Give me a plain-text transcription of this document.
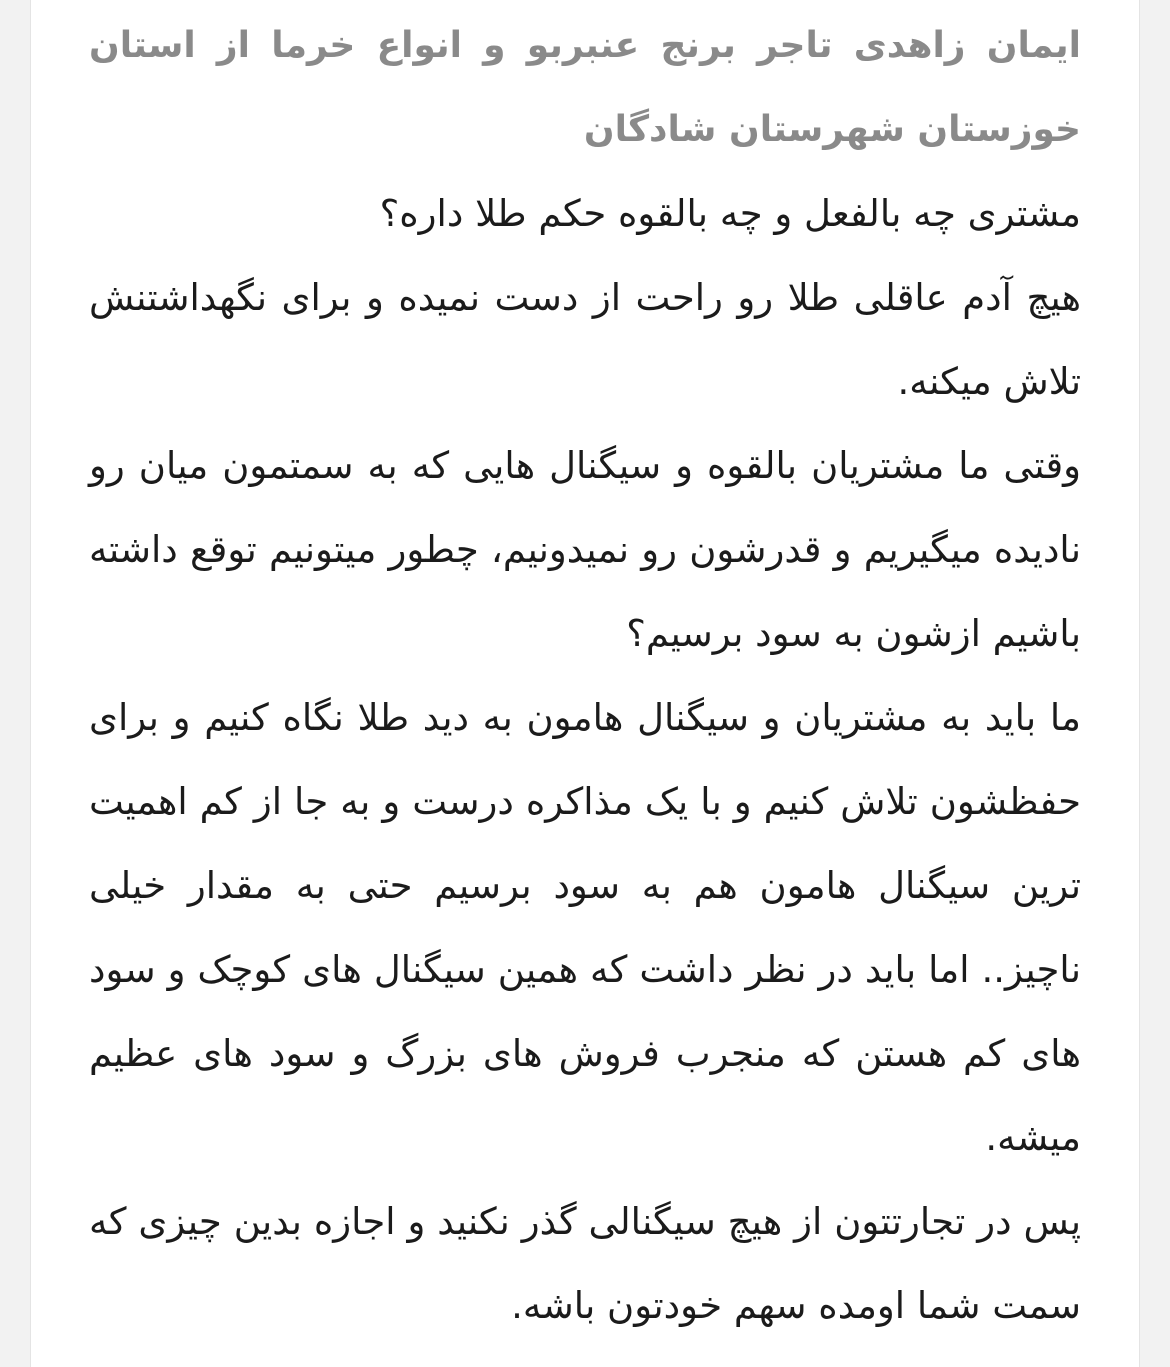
ایمان زاهدی تاجر برنج عنبربو و انواع خرما از استان خوزستان شهرستان شادگان

مشتری چه بالفعل و چه بالقوه حکم طلا داره؟

هیچ آدم عاقلی طلا رو راحت از دست نمیده و برای نگهداشتنش تلاش میکنه.

وقتی ما مشتریان بالقوه و سیگنال هایی که به سمتمون میان رو نادیده میگیریم و قدرشون رو نمیدونیم، چطور میتونیم توقع داشته باشیم ازشون به سود برسیم؟

ما باید به مشتریان و سیگنال هامون به دید طلا نگاه کنیم و برای حفظشون تلاش کنیم و با یک مذاکره درست و به جا از کم اهمیت ترین سیگنال هامون هم به سود برسیم حتی به مقدار خیلی ناچیز.. اما باید در نظر داشت که همین سیگنال های کوچک و سود های کم هستن که منجرب فروش های بزرگ و سود های عظیم میشه.

پس در تجارتتون از هیچ سیگنالی گذر نکنید و اجازه بدین چیزی که سمت شما اومده سهم خودتون باشه.
